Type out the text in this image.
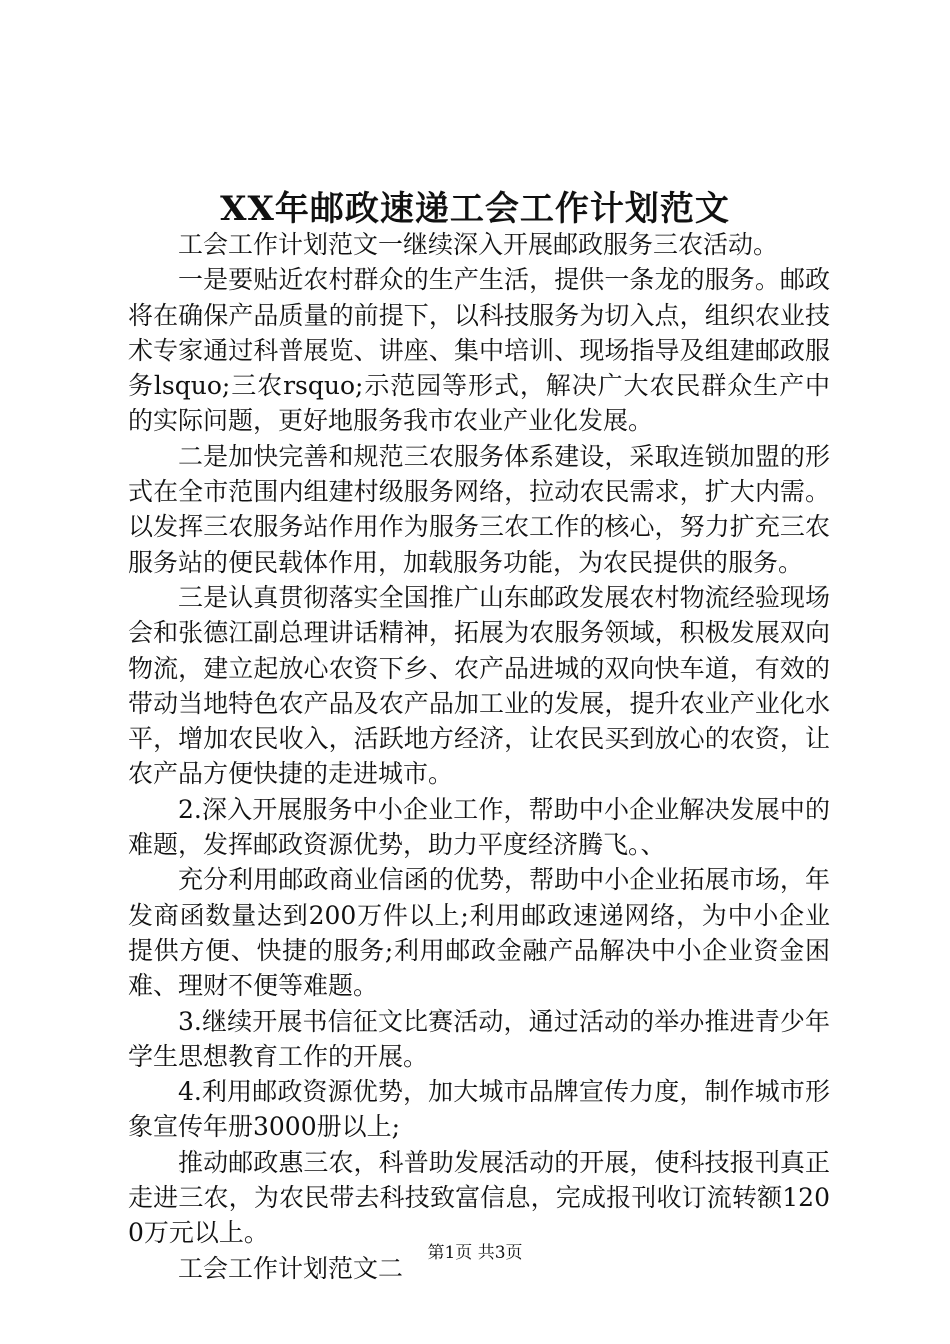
XX年邮政速递工会工作计划范文

工会工作计划范文一继续深入开展邮政服务三农活动。

一是要贴近农村群众的生产生活，提供一条龙的服务。邮政将在确保产品质量的前提下，以科技服务为切入点，组织农业技术专家通过科普展览、讲座、集中培训、现场指导及组建邮政服务lsquo;三农rsquo;示范园等形式，解决广大农民群众生产中的实际问题，更好地服务我市农业产业化发展。

二是加快完善和规范三农服务体系建设，采取连锁加盟的形式在全市范围内组建村级服务网络，拉动农民需求，扩大内需。以发挥三农服务站作用作为服务三农工作的核心，努力扩充三农服务站的便民载体作用，加载服务功能，为农民提供的服务。

三是认真贯彻落实全国推广山东邮政发展农村物流经验现场会和张德江副总理讲话精神，拓展为农服务领域，积极发展双向物流，建立起放心农资下乡、农产品进城的双向快车道，有效的带动当地特色农产品及农产品加工业的发展，提升农业产业化水平，增加农民收入，活跃地方经济，让农民买到放心的农资，让农产品方便快捷的走进城市。

2.深入开展服务中小企业工作，帮助中小企业解决发展中的难题，发挥邮政资源优势，助力平度经济腾飞。、

充分利用邮政商业信函的优势，帮助中小企业拓展市场，年发商函数量达到200万件以上;利用邮政速递网络，为中小企业提供方便、快捷的服务;利用邮政金融产品解决中小企业资金困难、理财不便等难题。

3.继续开展书信征文比赛活动，通过活动的举办推进青少年学生思想教育工作的开展。

4.利用邮政资源优势，加大城市品牌宣传力度，制作城市形象宣传年册3000册以上;

推动邮政惠三农，科普助发展活动的开展，使科技报刊真正走进三农，为农民带去科技致富信息，完成报刊收订流转额1200万元以上。

工会工作计划范文二

第1页 共3页
